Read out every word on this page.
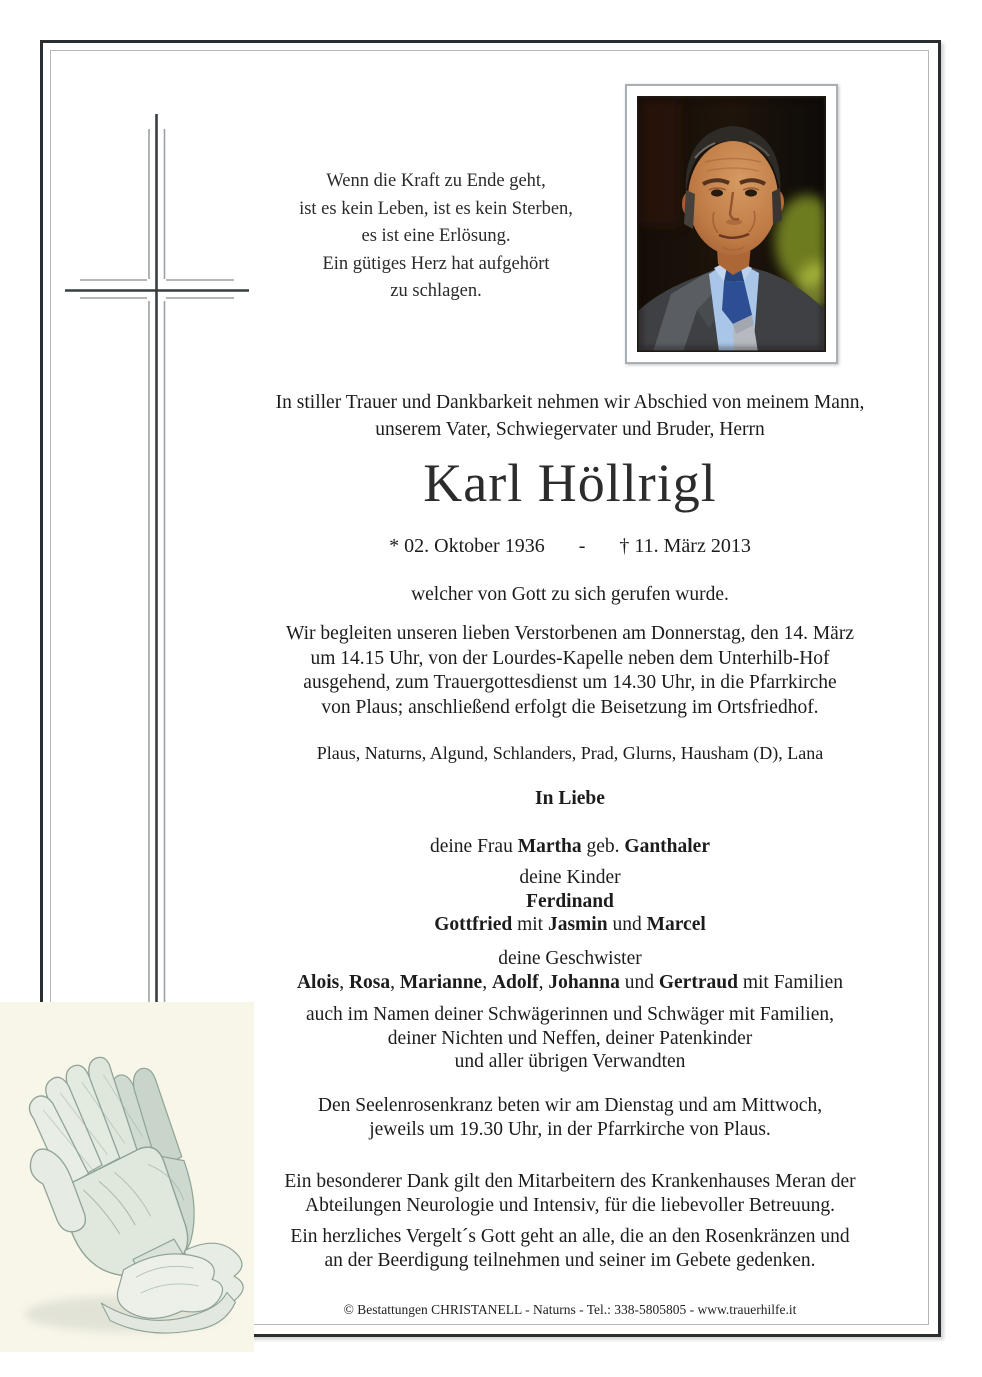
Wenn die Kraft zu Ende geht,
ist es kein Leben, ist es kein Sterben,
es ist eine Erlösung.
Ein gütiges Herz hat aufgehört
zu schlagen.
In stiller Trauer und Dankbarkeit nehmen wir Abschied von meinem Mann,
unserem Vater, Schwiegervater und Bruder, Herrn
Karl Höllrigl
* 02. Oktober 1936 - † 11. März 2013
welcher von Gott zu sich gerufen wurde.
Wir begleiten unseren lieben Verstorbenen am Donnerstag, den 14. März
um 14.15 Uhr, von der Lourdes-Kapelle neben dem Unterhilb-Hof
ausgehend, zum Trauergottesdienst um 14.30 Uhr, in die Pfarrkirche
von Plaus; anschließend erfolgt die Beisetzung im Ortsfriedhof.
Plaus, Naturns, Algund, Schlanders, Prad, Glurns, Hausham (D), Lana
In Liebe
deine Frau Martha geb. Ganthaler
deine Kinder
Ferdinand
Gottfried mit Jasmin und Marcel
deine Geschwister
Alois, Rosa, Marianne, Adolf, Johanna und Gertraud mit Familien
auch im Namen deiner Schwägerinnen und Schwäger mit Familien,
deiner Nichten und Neffen, deiner Patenkinder
und aller übrigen Verwandten
Den Seelenrosenkranz beten wir am Dienstag und am Mittwoch,
jeweils um 19.30 Uhr, in der Pfarrkirche von Plaus.
Ein besonderer Dank gilt den Mitarbeitern des Krankenhauses Meran der
Abteilungen Neurologie und Intensiv, für die liebevoller Betreuung.
Ein herzliches Vergelt´s Gott geht an alle, die an den Rosenkränzen und
an der Beerdigung teilnehmen und seiner im Gebete gedenken.
© Bestattungen CHRISTANELL - Naturns - Tel.: 338-5805805 - www.trauerhilfe.it
